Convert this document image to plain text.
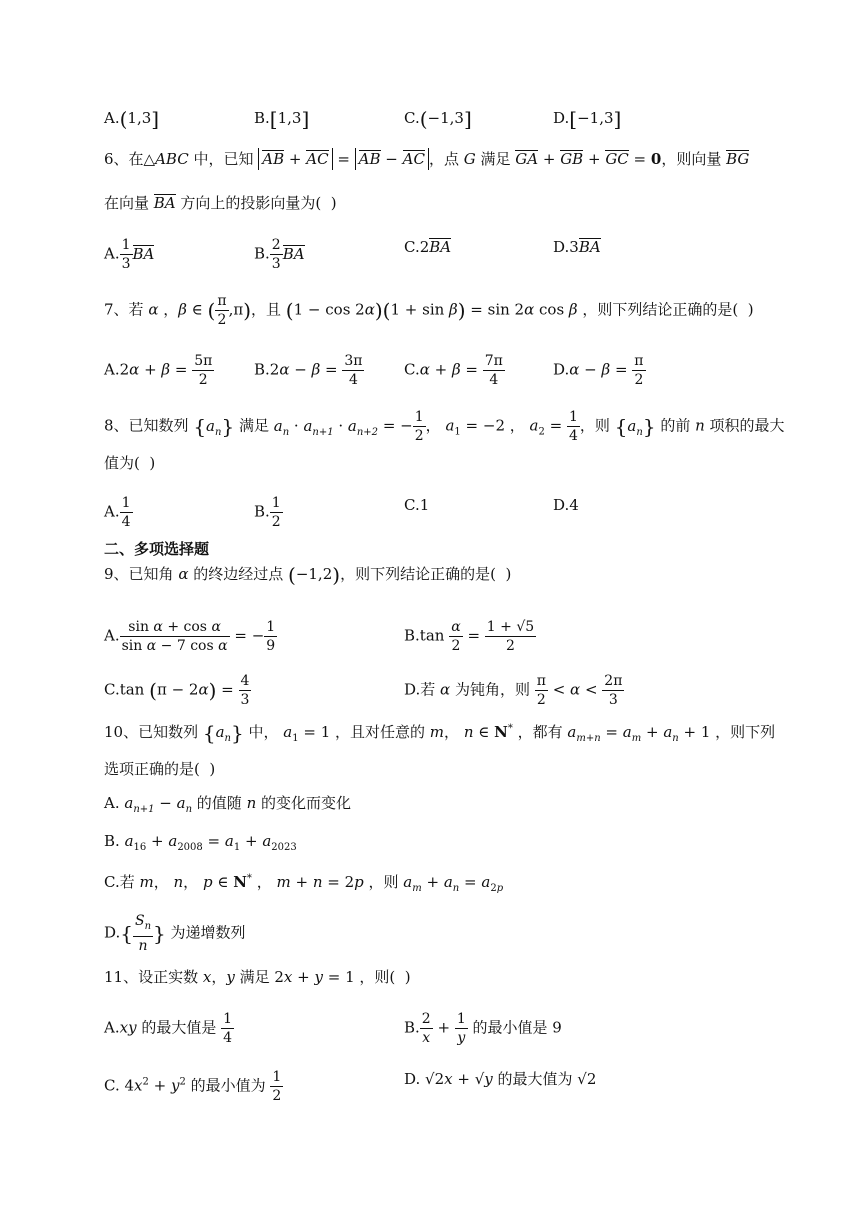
A.(1,3]	B.[1,3]	C.(−1,3]	D.[−1,3]
6、在△ABC 中，已知 AB + AC = AB − AC ，点 G 满足 GA + GB + GC = 0，则向量 BG
在向量 BA 方向上的投影向量为(  )
A. $\frac{1}{3}$ BA	B. $\frac{2}{3}$ BA	C.2BA	D.3BA
7、若 α ，β ∈ ( $\frac{\pi}{2} ,\pi$)，且 (1 − cos 2α)(1 + sin β) = sin 2α cos β ，则下列结论正确的是(  )
$A.2\alpha + \beta = \frac{5\pi}{2}$	$B.2\alpha - \beta = \frac{3\pi}{4}$	$C.\alpha + \beta = \frac{7\pi}{4}$	$D.\alpha - \beta = \frac{\pi}{2}$
8、已知数列 $\{a_n\}$ 满足 $a_n \cdot a_{n+1} \cdot a_{n+2}$ = − $\frac{1}{2}$ ， $a_1 = -2$ ， $a_2 = \frac{1}{4}$ ，则 $\{a_n\}$ 的前 n 项积的最大
值为(  )
A. $\frac{1}{4}$	B. $\frac{1}{2}$	C.1	D.4
二、多项选择题
9、已知角 α 的终边经过点 (−1,2)，则下列结论正确的是(  )
A. $\frac{\text{sin α + cos α}}{\text{sin α − 7 cos α}}$ = − $\frac{1}{9}$	$B.\tan \frac{\alpha}{2} = \frac{1 + √5}{2}$
C.tan $(\pi - 2\alpha) = \frac{4}{3}$	D.若 α 为钝角，则 $\frac{\pi}{2} < \alpha < \frac{2\pi}{3}$
10、已知数列 $\{a_n\}$ 中， $a_1 = 1$ ，且对任意的 m， n ∈ N* ，都有 $a_{m+n} = a_m + a_n + 1$ ，则下列
选项正确的是(  )
A. $a_{n+1} - a_n$ 的值随 n 的变化而变化
B. $a_{16} + a_{2008} = a_1 + a_{2023}$
C.若 m， n， p ∈ N* ， m + n = 2p ，则 $a_m + a_n = a_{2p}$
$D.\{ \frac{S_n}{n}$ } 为递增数列
11、设正实数 x，y 满足 2x + y = 1 ，则(  )
A.xy 的最大值是 $\frac{1}{4}$	B. $\frac{2}{x} + \frac{1}{y}$ 的最小值是 9
C. $4x^2 + y^2$ 的最小值为 $\frac{1}{2}$	D. √2x + √y 的最大值为 √2
